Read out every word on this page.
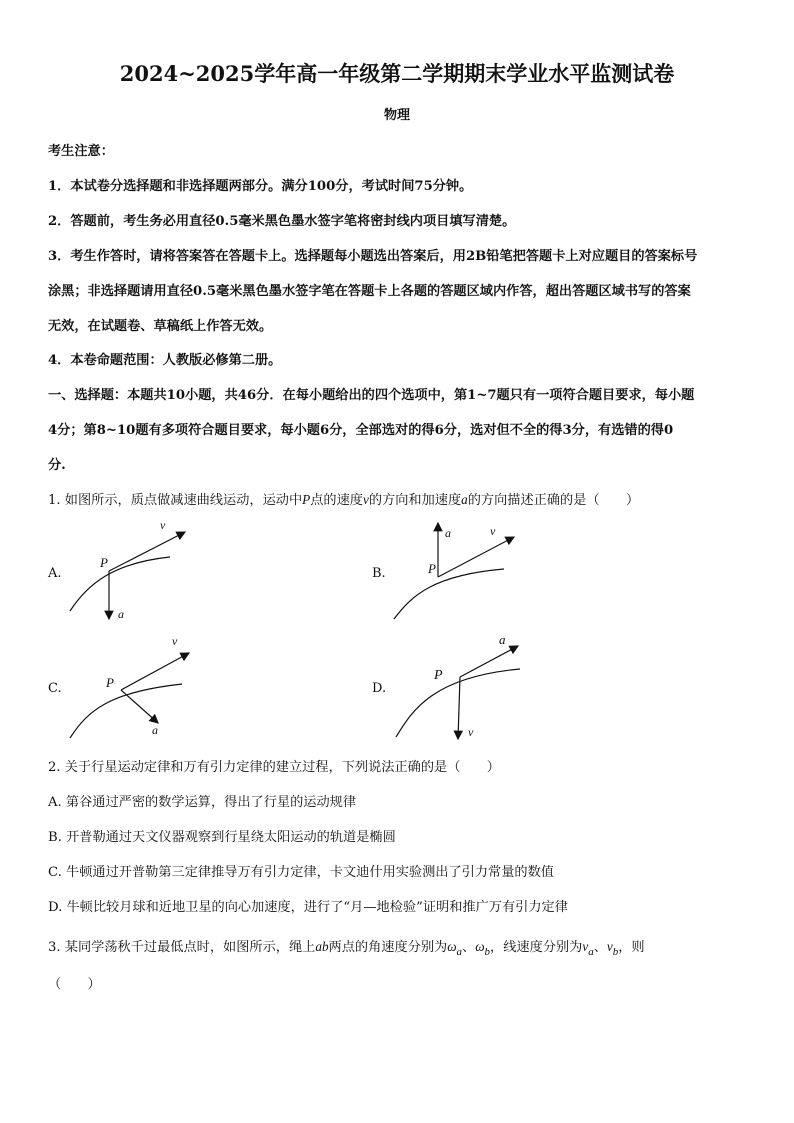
2024~2025学年高一年级第二学期期末学业水平监测试卷
物理
考生注意：
1．本试卷分选择题和非选择题两部分。满分100分，考试时间75分钟。
2．答题前，考生务必用直径0.5毫米黑色墨水签字笔将密封线内项目填写清楚。
3．考生作答时，请将答案答在答题卡上。选择题每小题选出答案后，用2B铅笔把答题卡上对应题目的答案标号
涂黑；非选择题请用直径0.5毫米黑色墨水签字笔在答题卡上各题的答题区域内作答，超出答题区域书写的答案
无效，在试题卷、草稿纸上作答无效。
4．本卷命题范围：人教版必修第二册。
一、选择题：本题共10小题，共46分．在每小题给出的四个选项中，第1~7题只有一项符合题目要求，每小题
4分；第8~10题有多项符合题目要求，每小题6分，全部选对的得6分，选对但不全的得3分，有选错的得0
分.
1. 如图所示，质点做减速曲线运动，运动中P点的速度v的方向和加速度a的方向描述正确的是（　　）
A.
P
v
a
B.	P
a	v
C.	P
v
a
D.
P
a
v
2. 关于行星运动定律和万有引力定律的建立过程，下列说法正确的是（　　）
A. 第谷通过严密的数学运算，得出了行星的运动规律
B. 开普勒通过天文仪器观察到行星绕太阳运动的轨道是椭圆
C. 牛顿通过开普勒第三定律推导万有引力定律，卡文迪什用实验测出了引力常量的数值
D. 牛顿比较月球和近地卫星的向心加速度，进行了“月—地检验”证明和推广万有引力定律
3. 某同学荡秋千过最低点时，如图所示，绳上ab两点的角速度分别为$\omega_a$、$\omega_b$，线速度分别为$v_a$、$v_b$，则
（　　）
